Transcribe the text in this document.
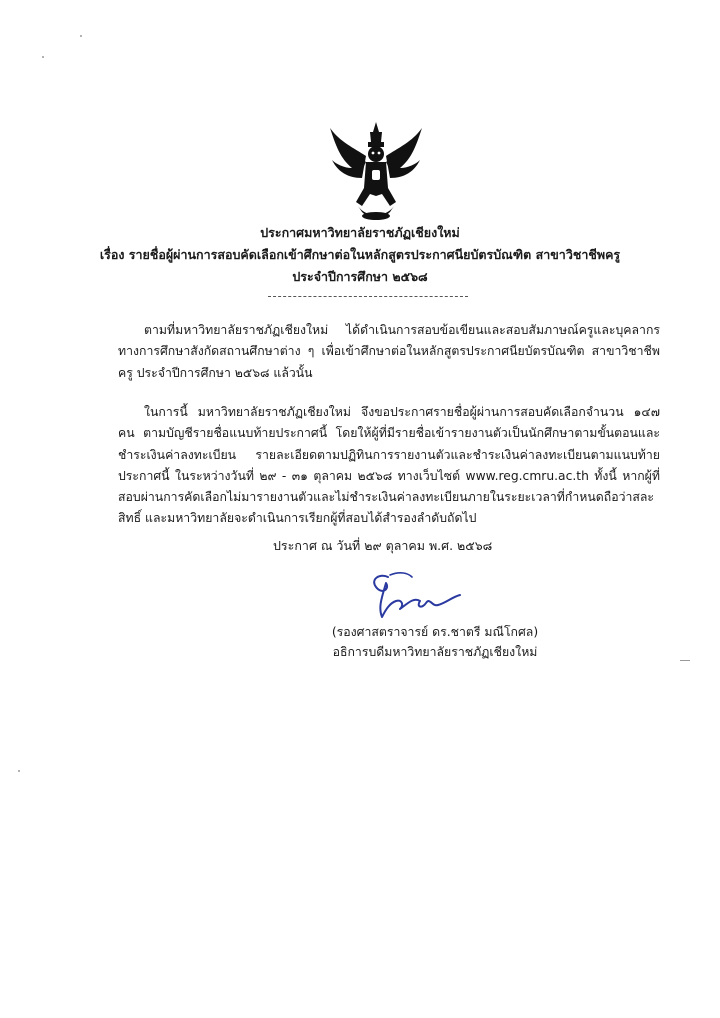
ประกาศมหาวิทยาลัยราชภัฏเชียงใหม่
เรื่อง รายชื่อผู้ผ่านการสอบคัดเลือกเข้าศึกษาต่อในหลักสูตรประกาศนียบัตรบัณฑิต สาขาวิชาชีพครู
ประจำปีการศึกษา ๒๕๖๘
ตามที่มหาวิทยาลัยราชภัฏเชียงใหม่ ได้ดำเนินการสอบข้อเขียนและสอบสัมภาษณ์ครูและบุคลากรทางการศึกษาสังกัดสถานศึกษาต่าง ๆ เพื่อเข้าศึกษาต่อในหลักสูตรประกาศนียบัตรบัณฑิต สาขาวิชาชีพครู ประจำปีการศึกษา ๒๕๖๘ แล้วนั้น
ในการนี้ มหาวิทยาลัยราชภัฏเชียงใหม่ จึงขอประกาศรายชื่อผู้ผ่านการสอบคัดเลือกจำนวน ๑๔๗ คน ตามบัญชีรายชื่อแนบท้ายประกาศนี้ โดยให้ผู้ที่มีรายชื่อเข้ารายงานตัวเป็นนักศึกษาตามขั้นตอนและชำระเงินค่าลงทะเบียน รายละเอียดตามปฏิทินการรายงานตัวและชำระเงินค่าลงทะเบียนตามแนบท้ายประกาศนี้ ในระหว่างวันที่ ๒๙ - ๓๑ ตุลาคม ๒๕๖๘ ทางเว็บไซต์ www.reg.cmru.ac.th ทั้งนี้ หากผู้ที่สอบผ่านการคัดเลือกไม่มารายงานตัวและไม่ชำระเงินค่าลงทะเบียนภายในระยะเวลาที่กำหนดถือว่าสละสิทธิ์ และมหาวิทยาลัยจะดำเนินการเรียกผู้ที่สอบได้สำรองลำดับถัดไป
ประกาศ ณ วันที่ ๒๙ ตุลาคม พ.ศ. ๒๕๖๘
(รองศาสตราจารย์ ดร.ชาตรี มณีโกศล)
อธิการบดีมหาวิทยาลัยราชภัฏเชียงใหม่
